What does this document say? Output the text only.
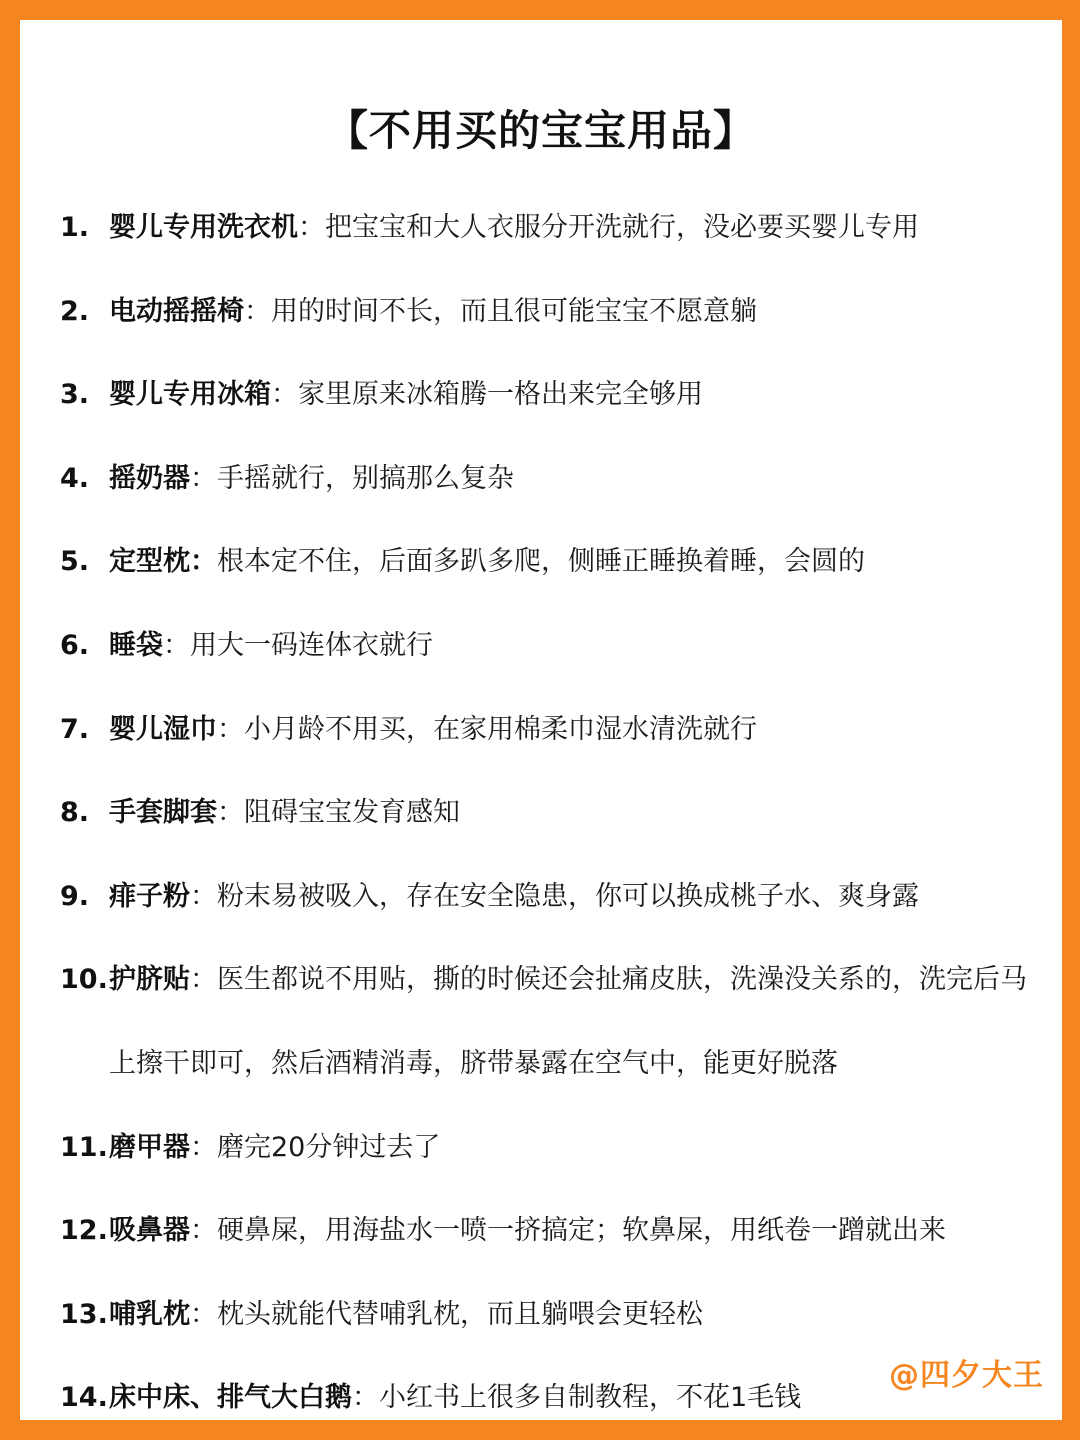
【不用买的宝宝用品】
1. 婴儿专用洗衣机：把宝宝和大人衣服分开洗就行，没必要买婴儿专用
2. 电动摇摇椅：用的时间不长，而且很可能宝宝不愿意躺
3. 婴儿专用冰箱：家里原来冰箱腾一格出来完全够用
4. 摇奶器：手摇就行，别搞那么复杂
5. 定型枕：根本定不住，后面多趴多爬，侧睡正睡换着睡，会圆的
6. 睡袋：用大一码连体衣就行
7. 婴儿湿巾：小月龄不用买，在家用棉柔巾湿水清洗就行
8. 手套脚套：阻碍宝宝发育感知
9. 痱子粉：粉末易被吸入，存在安全隐患，你可以换成桃子水、爽身露
10. 护脐贴：医生都说不用贴，撕的时候还会扯痛皮肤，洗澡没关系的，洗完后马上擦干即可，然后酒精消毒，脐带暴露在空气中，能更好脱落
11. 磨甲器：磨完20分钟过去了
12. 吸鼻器：硬鼻屎，用海盐水一喷一挤搞定；软鼻屎，用纸卷一蹭就出来
13. 哺乳枕：枕头就能代替哺乳枕，而且躺喂会更轻松
14. 床中床、排气大白鹅：小红书上很多自制教程，不花1毛钱
@四夕大王
